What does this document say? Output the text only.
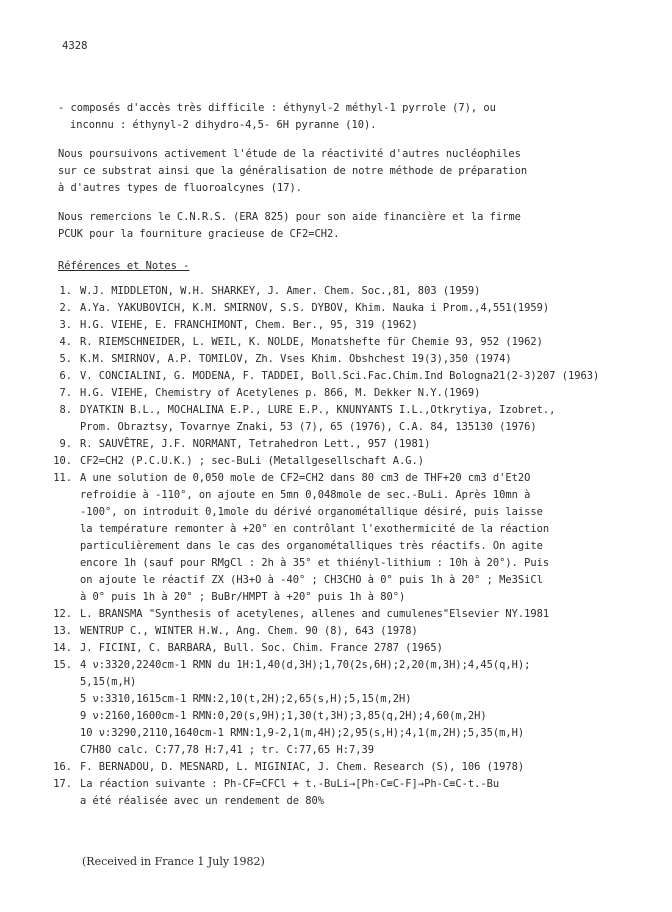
4328
- composés d'accès très difficile : éthynyl-2 méthyl-1 pyrrole (7), ou
inconnu : éthynyl-2 dihydro-4,5- 6H pyranne (10).
Nous poursuivons activement l'étude de la réactivité d'autres nucléophiles
sur ce substrat ainsi que la généralisation de notre méthode de préparation
à d'autres types de fluoroalcynes (17).
Nous remercions le C.N.R.S. (ERA 825) pour son aide financière et la firme
PCUK pour la fourniture gracieuse de CF2=CH2.
Références et Notes -
1. W.J. MIDDLETON, W.H. SHARKEY, J. Amer. Chem. Soc.,81, 803 (1959)
2. A.Ya. YAKUBOVICH, K.M. SMIRNOV, S.S. DYBOV, Khim. Nauka i Prom.,4,551(1959)
3. H.G. VIEHE, E. FRANCHIMONT, Chem. Ber., 95, 319 (1962)
4. R. RIEMSCHNEIDER, L. WEIL, K. NOLDE, Monatshefte für Chemie 93, 952 (1962)
5. K.M. SMIRNOV, A.P. TOMILOV, Zh. Vses Khim. Obshchest 19(3),350 (1974)
6. V. CONCIALINI, G. MODENA, F. TADDEI, Boll.Sci.Fac.Chim.Ind Bologna21(2-3)207 (1963)
7. H.G. VIEHE, Chemistry of Acetylenes p. 866, M. Dekker N.Y.(1969)
8. DYATKIN B.L., MOCHALINA E.P., LURE E.P., KNUNYANTS I.L.,Otkrytiya, Izobret.,
Prom. Obraztsy, Tovarnye Znaki, 53 (7), 65 (1976), C.A. 84, 135130 (1976)
9. R. SAUVÊTRE, J.F. NORMANT, Tetrahedron Lett., 957 (1981)
10. CF2=CH2 (P.C.U.K.) ; sec-BuLi (Metallgesellschaft A.G.)
11. A une solution de 0,050 mole de CF2=CH2 dans 80 cm3 de THF+20 cm3 d'Et2O
refroidie à -110°, on ajoute en 5mn 0,048mole de sec.-BuLi. Après 10mn à
-100°, on introduit 0,1mole du dérivé organométallique désiré, puis laisse
la température remonter à +20° en contrôlant l'exothermicité de la réaction
particulièrement dans le cas des organométalliques très réactifs. On agite
encore 1h (sauf pour RMgCl : 2h à 35° et thiényl-lithium : 10h à 20°). Puis
on ajoute le réactif ZX (H3+O à -40° ; CH3CHO à 0° puis 1h à 20° ; Me3SiCl
à 0° puis 1h à 20° ; BuBr/HMPT à +20° puis 1h à 80°)
12. L. BRANSMA "Synthesis of acetylenes, allenes and cumulenes"Elsevier NY.1981
13. WENTRUP C., WINTER H.W., Ang. Chem. 90 (8), 643 (1978)
14. J. FICINI, C. BARBARA, Bull. Soc. Chim. France 2787 (1965)
15. 4 ν:3320,2240cm-1 RMN du 1H:1,40(d,3H);1,70(2s,6H);2,20(m,3H);4,45(q,H);
5,15(m,H)
5 ν:3310,1615cm-1 RMN:2,10(t,2H);2,65(s,H);5,15(m,2H)
9 ν:2160,1600cm-1 RMN:0,20(s,9H);1,30(t,3H);3,85(q,2H);4,60(m,2H)
10 ν:3290,2110,1640cm-1 RMN:1,9-2,1(m,4H);2,95(s,H);4,1(m,2H);5,35(m,H)
C7H8O calc. C:77,78 H:7,41 ; tr. C:77,65 H:7,39
16. F. BERNADOU, D. MESNARD, L. MIGINIAC, J. Chem. Research (S), 106 (1978)
17. La réaction suivante : Ph-CF=CFCl + t.-BuLi→[Ph-C≡C-F]→Ph-C≡C-t.-Bu
a été réalisée avec un rendement de 80%
(Received in France 1 July 1982)
